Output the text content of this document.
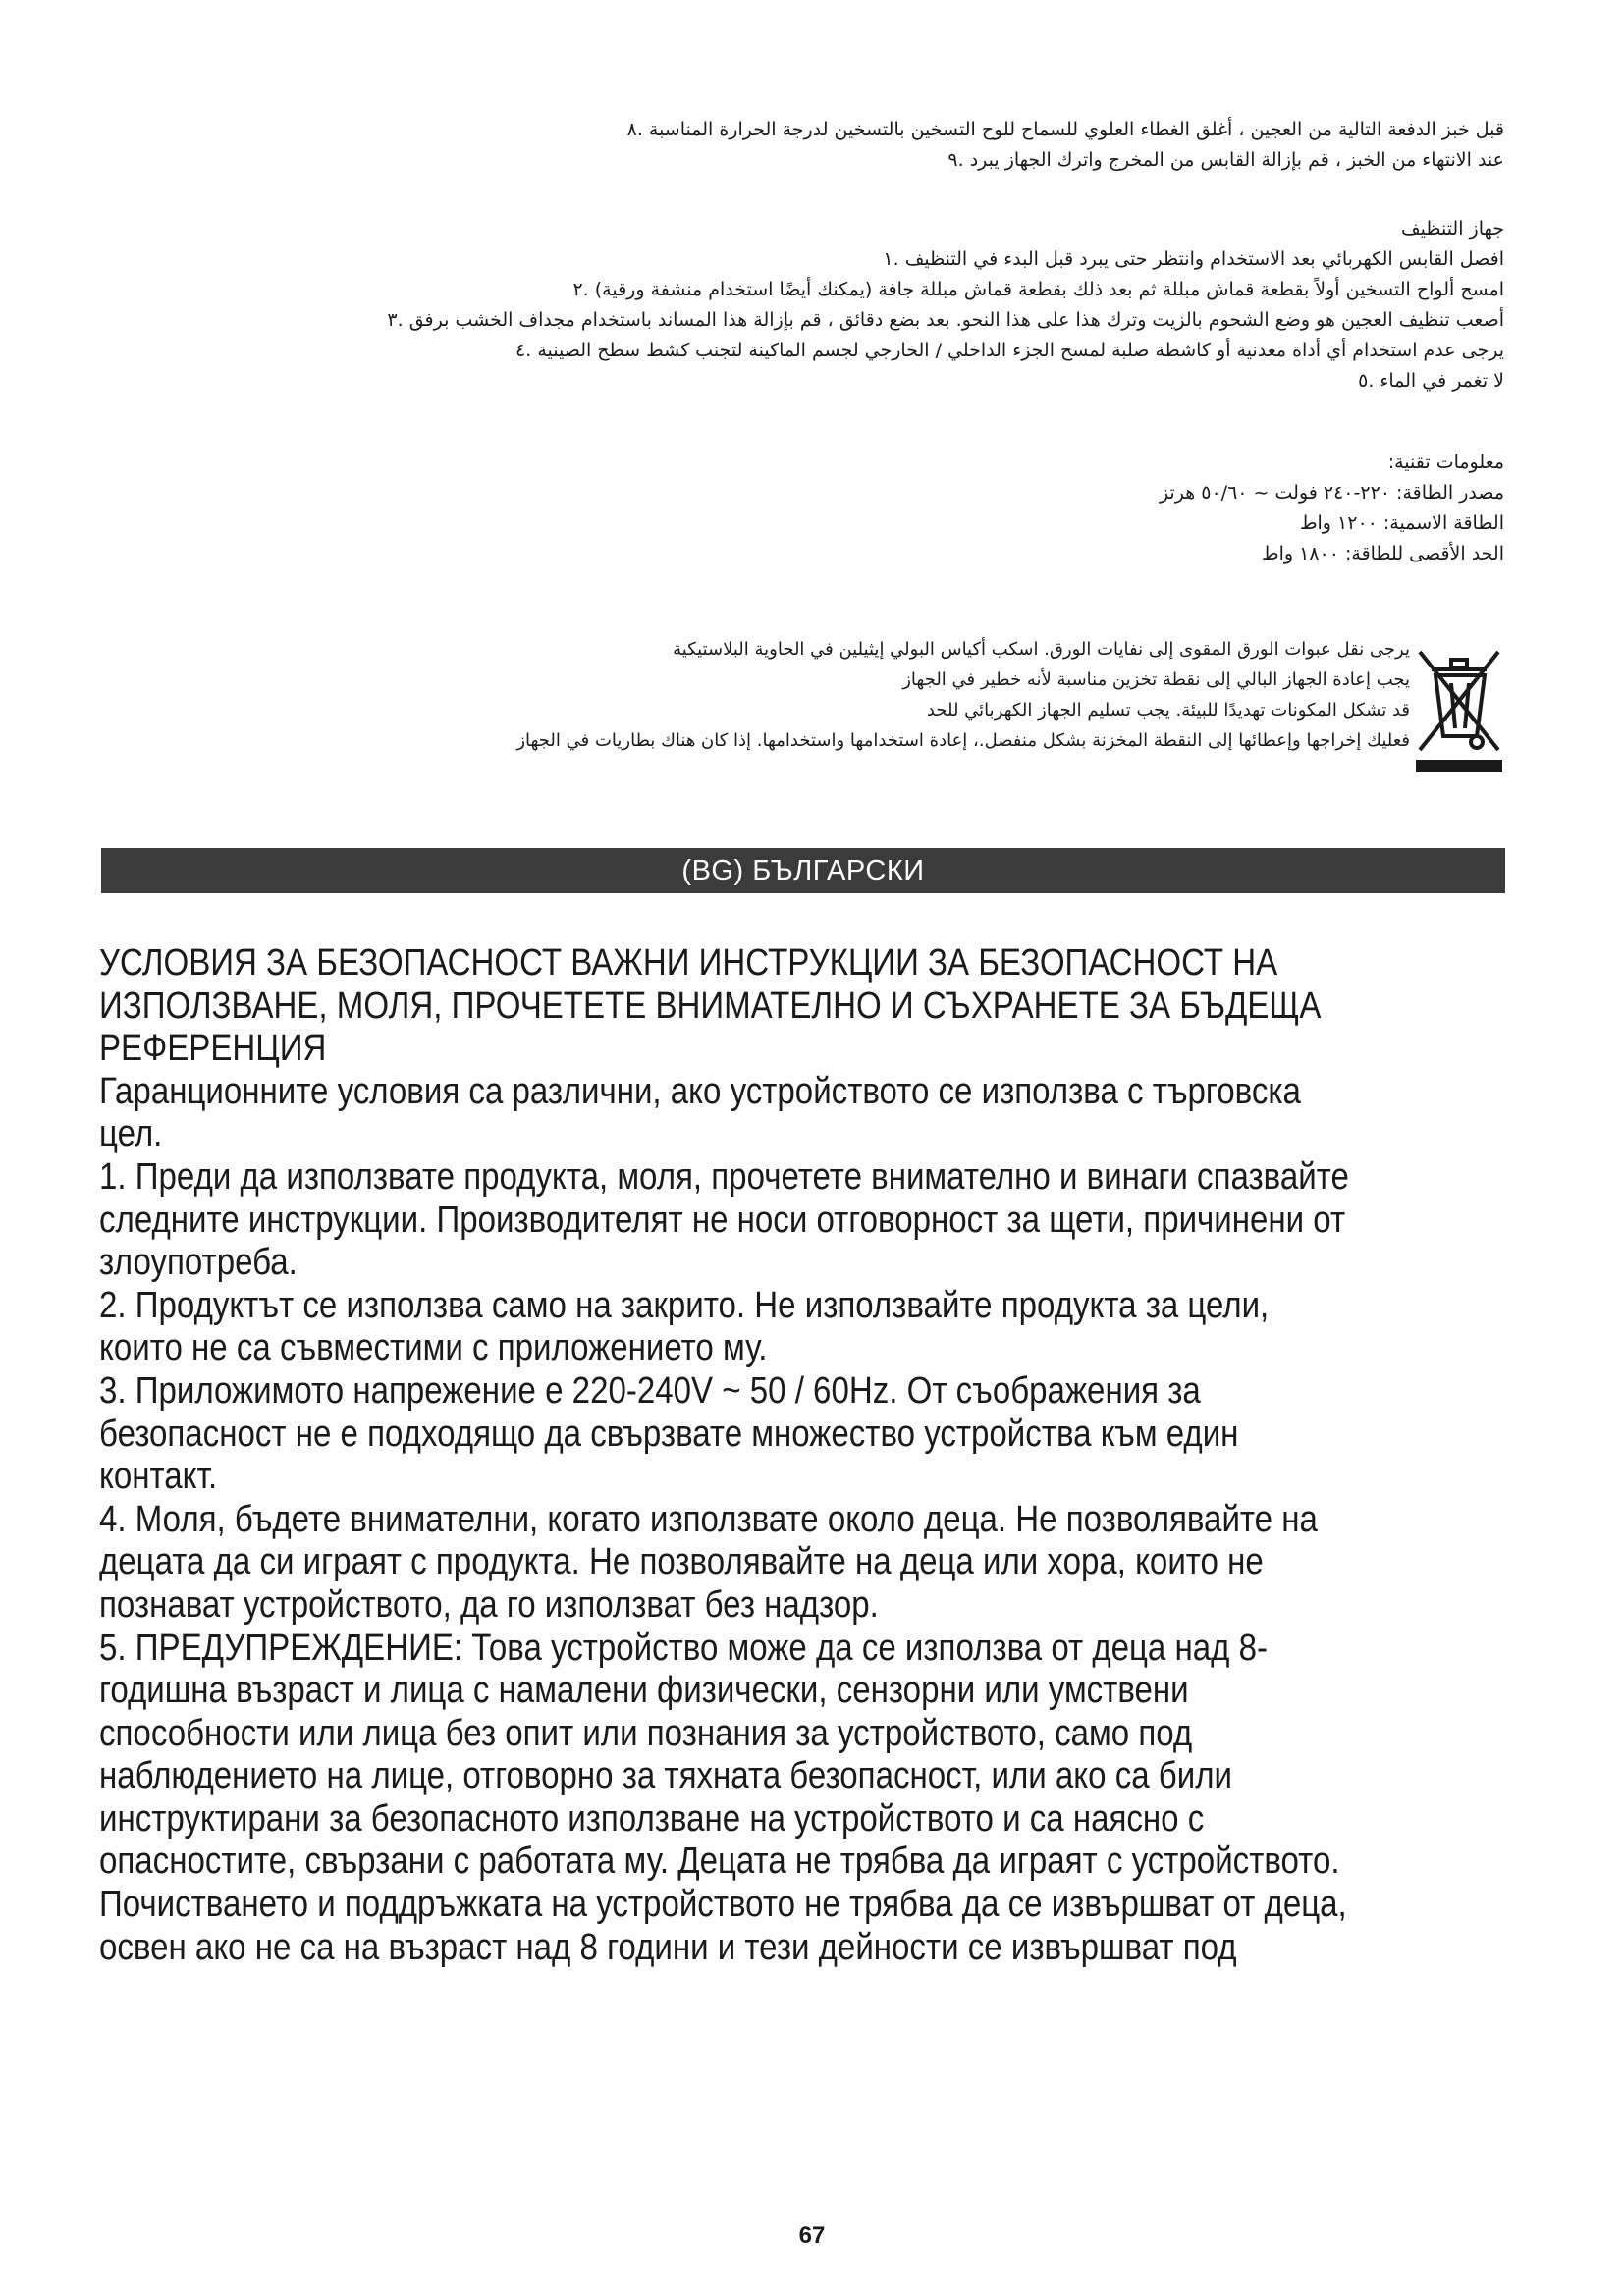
قبل خبز الدفعة التالية من العجين ، أغلق الغطاء العلوي للسماح للوح التسخين بالتسخين لدرجة الحرارة المناسبة .٨

عند الانتهاء من الخبز ، قم بإزالة القابس من المخرج واترك الجهاز يبرد .٩

جهاز التنظيف

افصل القابس الكهربائي بعد الاستخدام وانتظر حتى يبرد قبل البدء في التنظيف .١

امسح ألواح التسخين أولاً بقطعة قماش مبللة ثم بعد ذلك بقطعة قماش مبللة جافة (يمكنك أيضًا استخدام منشفة ورقية) .٢

أصعب تنظيف العجين هو وضع الشحوم بالزيت وترك هذا على هذا النحو. بعد بضع دقائق ، قم بإزالة هذا المساند باستخدام مجداف الخشب برفق .٣

يرجى عدم استخدام أي أداة معدنية أو كاشطة صلبة لمسح الجزء الداخلي / الخارجي لجسم الماكينة لتجنب كشط سطح الصينية .٤

لا تغمر في الماء .٥

معلومات تقنية:

مصدر الطاقة: ٢٢٠-٢٤٠ فولت ~ ٥٠/٦٠ هرتز

الطاقة الاسمية: ١٢٠٠ واط

الحد الأقصى للطاقة: ١٨٠٠ واط

يرجى نقل عبوات الورق المقوى إلى نفايات الورق. اسكب أكياس البولي إيثيلين في الحاوية البلاستيكية

يجب إعادة الجهاز البالي إلى نقطة تخزين مناسبة لأنه خطير في الجهاز

قد تشكل المكونات تهديدًا للبيئة. يجب تسليم الجهاز الكهربائي للحد

فعليك إخراجها وإعطائها إلى النقطة المخزنة بشكل منفصل.، إعادة استخدامها واستخدامها. إذا كان هناك بطاريات في الجهاز

(BG) БЪЛГАРСКИ

УСЛОВИЯ ЗА БЕЗОПАСНОСТ ВАЖНИ ИНСТРУКЦИИ ЗА БЕЗОПАСНОСТ НА

ИЗПОЛЗВАНЕ, МОЛЯ, ПРОЧЕТЕТЕ ВНИМАТЕЛНО И СЪХРАНЕТЕ ЗА БЪДЕЩА

РЕФЕРЕНЦИЯ

Гаранционните условия са различни, ако устройството се използва с търговска

цел.

1. Преди да използвате продукта, моля, прочетете внимателно и винаги спазвайте

следните инструкции. Производителят не носи отговорност за щети, причинени от

злоупотреба.

2. Продуктът се използва само на закрито. Не използвайте продукта за цели,

които не са съвместими с приложението му.

3. Приложимото напрежение е 220-240V ~ 50 / 60Hz. От съображения за

безопасност не е подходящо да свързвате множество устройства към един

контакт.

4. Моля, бъдете внимателни, когато използвате около деца. Не позволявайте на

децата да си играят с продукта. Не позволявайте на деца или хора, които не

познават устройството, да го използват без надзор.

5. ПРЕДУПРЕЖДЕНИЕ: Това устройство може да се използва от деца над 8-

годишна възраст и лица с намалени физически, сензорни или умствени

способности или лица без опит или познания за устройството, само под

наблюдението на лице, отговорно за тяхната безопасност, или ако са били

инструктирани за безопасното използване на устройството и са наясно с

опасностите, свързани с работата му. Децата не трябва да играят с устройството.

Почистването и поддръжката на устройството не трябва да се извършват от деца,

освен ако не са на възраст над 8 години и тези дейности се извършват под

67
